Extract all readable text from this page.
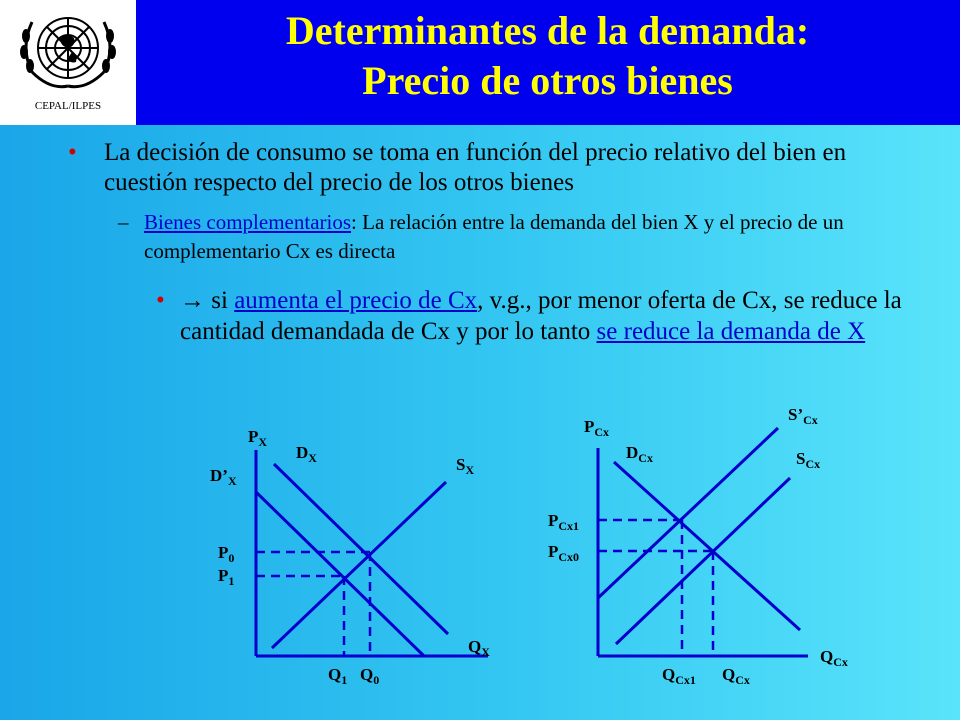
CEPAL/ILPES
Determinantes de la demanda:
Precio de otros bienes
• La decisión de consumo se toma en función del precio relativo del bien en cuestión respecto del precio de los otros bienes
– Bienes complementarios: La relación entre la demanda del bien X y el precio de un complementario Cx es directa
• → si aumenta el precio de Cx, v.g., por menor oferta de Cx, se reduce la cantidad demandada de Cx y por lo tanto se reduce la demanda de X
$P_X$
$D_X$	$S_X$
$D’_X$
$P_0$
$P_1$
$Q_X$
$Q_1$ $Q_0$
$P_{Cx}$
$S’_{Cx}$
$D_{Cx}$	$S_{Cx}$
$P_{Cx1}$
$P_{Cx0}$
$Q_{Cx}$
$Q_{Cx1}$ $Q_{Cx}$
